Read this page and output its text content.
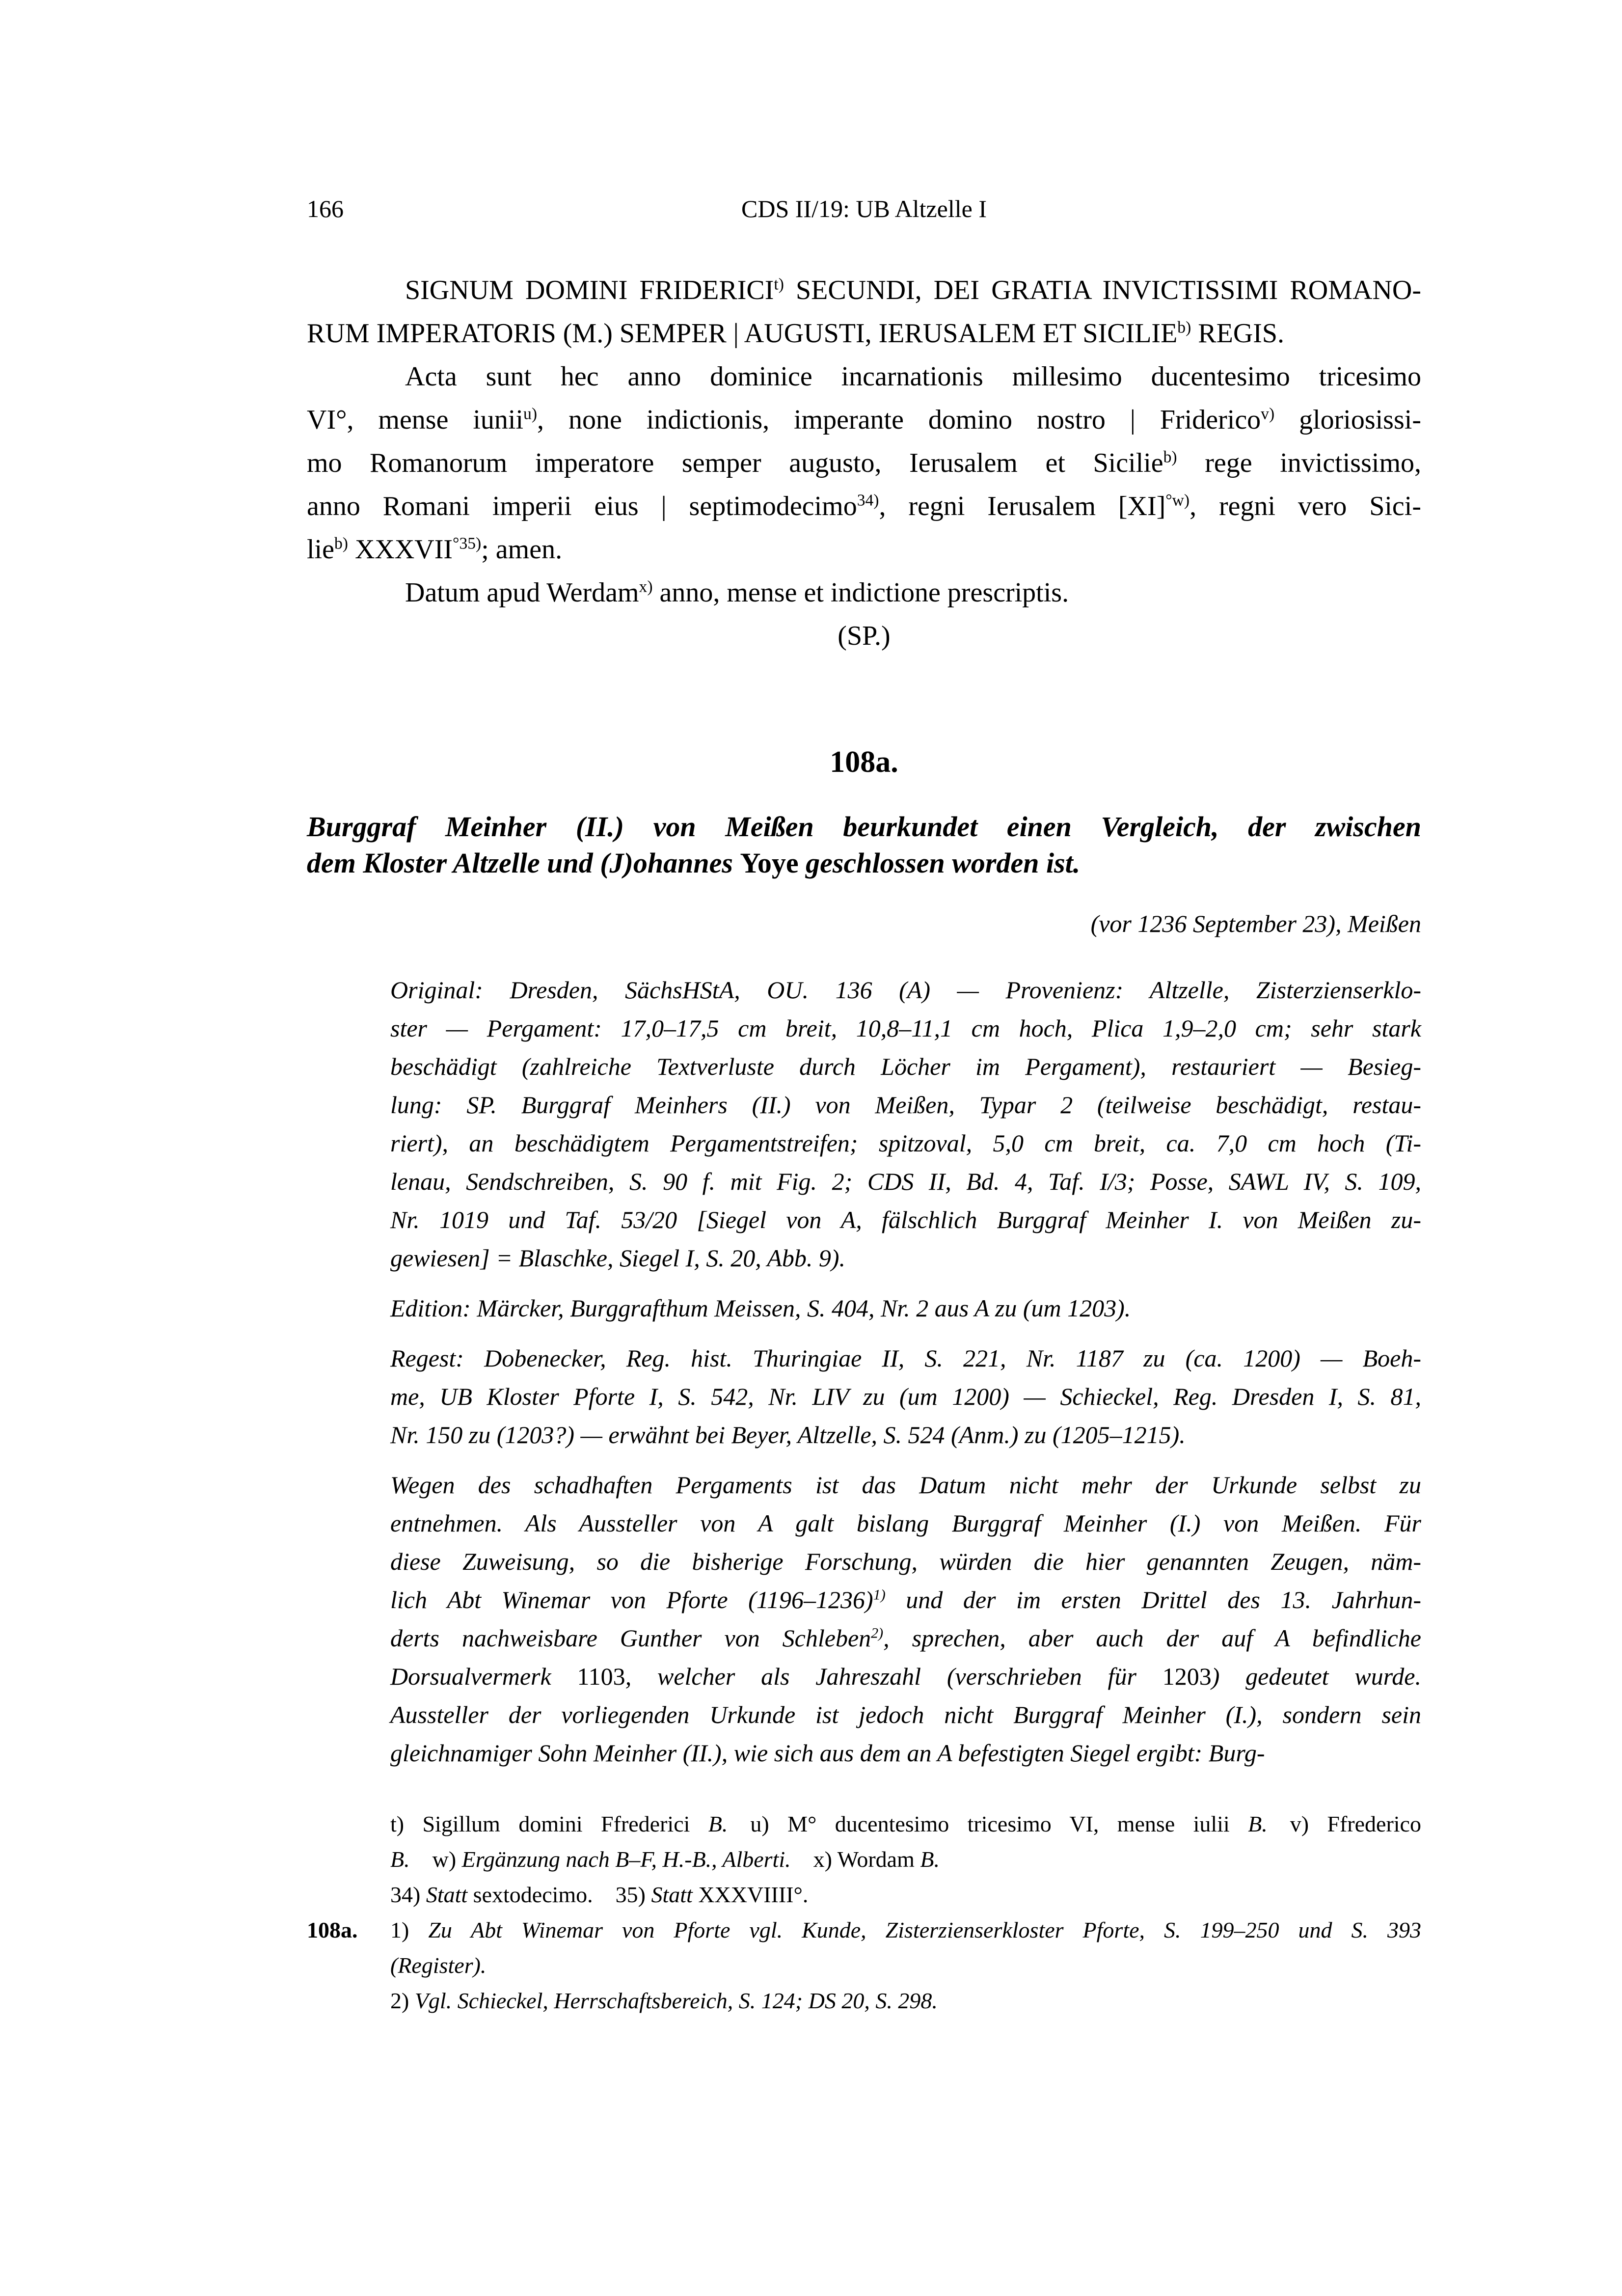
166	CDS II/19: UB Altzelle I
SIGNUM DOMINI FRIDERICI$^{t)}$ SECUNDI, DEI GRATIA INVICTISSIMI ROMANO-
RUM IMPERATORIS (M.) SEMPER | AUGUSTI, IERUSALEM ET SICILIE$^{b)}$ REGIS.
Acta sunt hec anno dominice incarnationis millesimo ducentesimo tricesimo
VI°, mense iunii$^{u)}$, none indictionis, imperante domino nostro | Friderico$^{v)}$ gloriosissi-
mo Romanorum imperatore semper augusto, Ierusalem et Sicilie$^{b)}$ rege invictissimo,
anno Romani imperii eius | septimodecimo$^{34)}$, regni Ierusalem [XI]$^{^\circ w)}$, regni vero Sici-
lie$^{b)}$ $XXXVII^{^\circ 35)}$; amen.
Datum apud Werdam$^{x)}$ anno, mense et indictione prescriptis.
(SP.)
108a.
Burggraf Meinher (II.) von Meißen beurkundet einen Vergleich, der zwischen
dem Kloster Altzelle und (J)ohannes Yoye geschlossen worden ist.
(vor 1236 September 23), Meißen
Original: Dresden, SächsHStA, OU. 136 (A) — Provenienz: Altzelle, Zisterzienserklo-
ster — Pergament: 17,0–17,5 cm breit, 10,8–11,1 cm hoch, Plica 1,9–2,0 cm; sehr stark
beschädigt (zahlreiche Textverluste durch Löcher im Pergament), restauriert — Besieg-
lung: SP. Burggraf Meinhers (II.) von Meißen, Typar 2 (teilweise beschädigt, restau-
riert), an beschädigtem Pergamentstreifen; spitzoval, 5,0 cm breit, ca. 7,0 cm hoch (Ti-
lenau, Sendschreiben, S. 90 f. mit Fig. 2; CDS II, Bd. 4, Taf. I/3; Posse, SAWL IV, S. 109,
Nr. 1019 und Taf. 53/20 [Siegel von A, fälschlich Burggraf Meinher I. von Meißen zu-
gewiesen] = Blaschke, Siegel I, S. 20, Abb. 9).
Edition: Märcker, Burggrafthum Meissen, S. 404, Nr. 2 aus A zu (um 1203).
Regest: Dobenecker, Reg. hist. Thuringiae II, S. 221, Nr. 1187 zu (ca. 1200) — Boeh-
me, UB Kloster Pforte I, S. 542, Nr. LIV zu (um 1200) — Schieckel, Reg. Dresden I, S. 81,
Nr. 150 zu (1203?) — erwähnt bei Beyer, Altzelle, S. 524 (Anm.) zu (1205–1215).
Wegen des schadhaften Pergaments ist das Datum nicht mehr der Urkunde selbst zu
entnehmen. Als Aussteller von A galt bislang Burggraf Meinher (I.) von Meißen. Für
diese Zuweisung, so die bisherige Forschung, würden die hier genannten Zeugen, näm-
lich Abt Winemar von Pforte (1196–1236)$^{1)}$ und der im ersten Drittel des 13. Jahrhun-
derts nachweisbare Gunther von Schleben$^{2)}$, sprechen, aber auch der auf A befindliche
Dorsualvermerk 1103, welcher als Jahreszahl (verschrieben für 1203) gedeutet wurde.
Aussteller der vorliegenden Urkunde ist jedoch nicht Burggraf Meinher (I.), sondern sein
gleichnamiger Sohn Meinher (II.), wie sich aus dem an A befestigten Siegel ergibt: Burg-
108a.
t) Sigillum domini Ffrederici B. u) M° ducentesimo tricesimo VI, mense iulii B. v) Ffrederico
B. w) Ergänzung nach B–F, H.-B., Alberti. x) Wordam B.
34) Statt sextodecimo. 35) Statt XXXVIIII°.
1) Zu Abt Winemar von Pforte vgl. Kunde, Zisterzienserkloster Pforte, S. 199–250 und S. 393
(Register).
2) Vgl. Schieckel, Herrschaftsbereich, S. 124; DS 20, S. 298.
